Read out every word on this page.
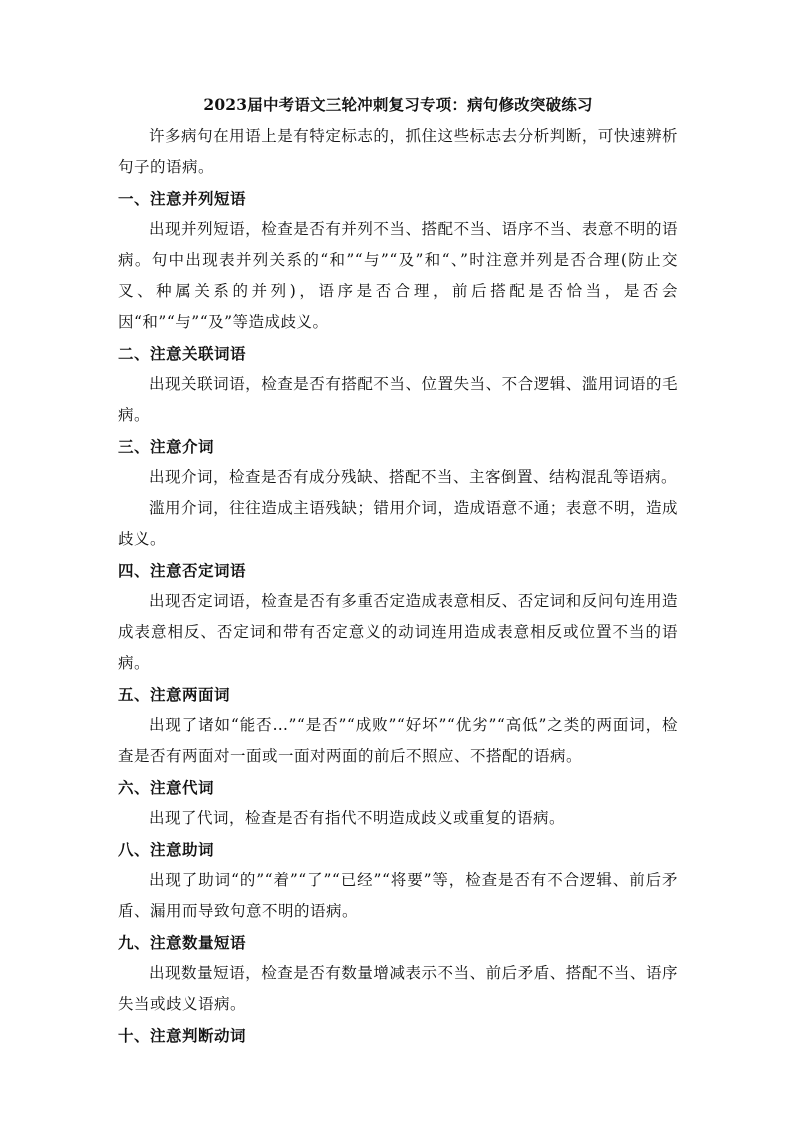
2023届中考语文三轮冲刺复习专项：病句修改突破练习

许多病句在用语上是有特定标志的，抓住这些标志去分析判断，可快速辨析句子的语病。

一、注意并列短语

出现并列短语，检查是否有并列不当、搭配不当、语序不当、表意不明的语病。句中出现表并列关系的“和”“与”“及”和“、”时注意并列是否合理(防止交叉、种属关系的并列)，语序是否合理，前后搭配是否恰当，是否会因“和”“与”“及”等造成歧义。

二、注意关联词语

出现关联词语，检查是否有搭配不当、位置失当、不合逻辑、滥用词语的毛病。

三、注意介词

出现介词，检查是否有成分残缺、搭配不当、主客倒置、结构混乱等语病。

滥用介词，往往造成主语残缺；错用介词，造成语意不通；表意不明，造成歧义。

四、注意否定词语

出现否定词语，检查是否有多重否定造成表意相反、否定词和反问句连用造成表意相反、否定词和带有否定意义的动词连用造成表意相反或位置不当的语病。

五、注意两面词

出现了诸如“能否…”“是否”“成败”“好坏”“优劣”“高低”之类的两面词，检查是否有两面对一面或一面对两面的前后不照应、不搭配的语病。

六、注意代词

出现了代词，检查是否有指代不明造成歧义或重复的语病。

八、注意助词

出现了助词“的”“着”“了”“已经”“将要”等，检查是否有不合逻辑、前后矛盾、漏用而导致句意不明的语病。

九、注意数量短语

出现数量短语，检查是否有数量增减表示不当、前后矛盾、搭配不当、语序失当或歧义语病。

十、注意判断动词
